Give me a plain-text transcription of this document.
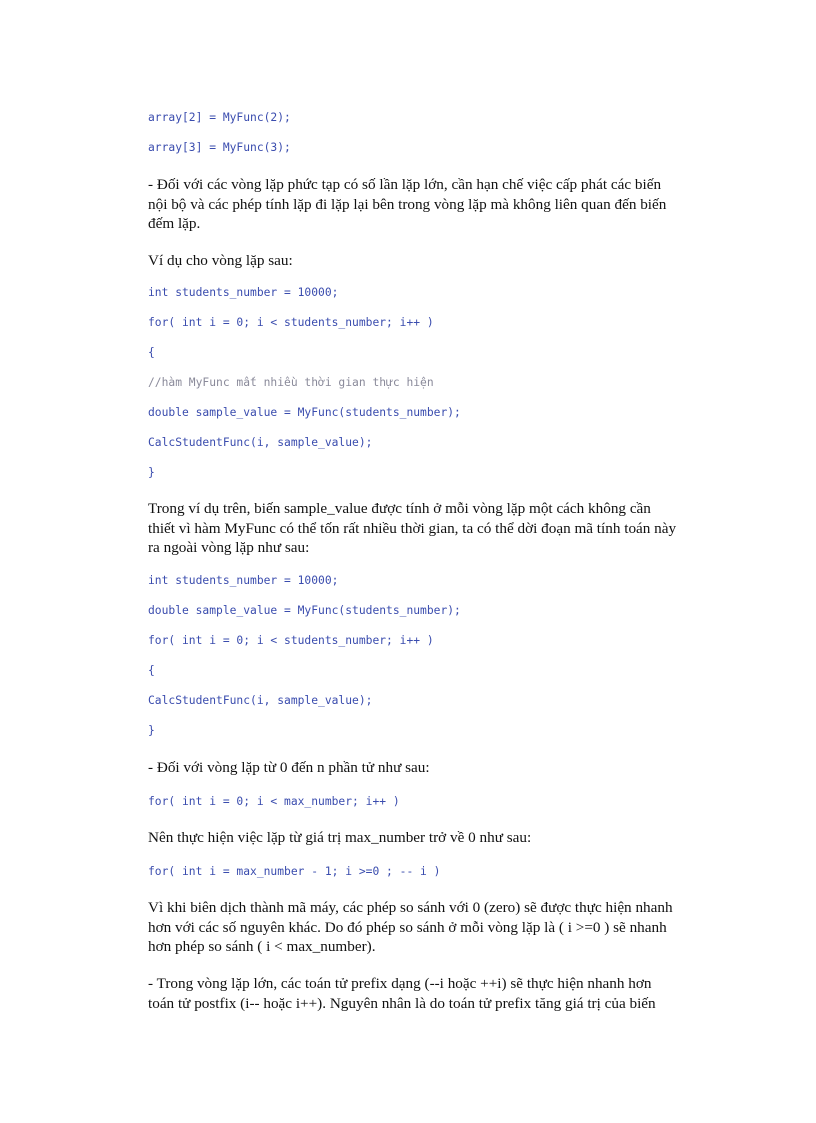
array[2] = MyFunc(2);
array[3] = MyFunc(3);

- Đối với các vòng lặp phức tạp có số lần lặp lớn, cần hạn chế việc cấp phát các biến nội bộ và các phép tính lặp đi lặp lại bên trong vòng lặp mà không liên quan đến biến đếm lặp.

Ví dụ cho vòng lặp sau:

int students_number = 10000;
for( int i = 0; i < students_number; i++ )
{
//hàm MyFunc mất nhiều thời gian thực hiện
double sample_value = MyFunc(students_number);
CalcStudentFunc(i, sample_value);
}

Trong ví dụ trên, biến sample_value được tính ở mỗi vòng lặp một cách không cần thiết vì hàm MyFunc có thể tốn rất nhiều thời gian, ta có thể dời đoạn mã tính toán này ra ngoài vòng lặp như sau:

int students_number = 10000;
double sample_value = MyFunc(students_number);
for( int i = 0; i < students_number; i++ )
{
CalcStudentFunc(i, sample_value);
}

- Đối với vòng lặp từ 0 đến n phần tử như sau:

for( int i = 0; i < max_number; i++ )

Nên thực hiện việc lặp từ giá trị max_number trở về 0 như sau:

for( int i = max_number - 1; i >=0 ; -- i )

Vì khi biên dịch thành mã máy, các phép so sánh với 0 (zero) sẽ được thực hiện nhanh hơn với các số nguyên khác. Do đó phép so sánh ở mỗi vòng lặp là ( i >=0 ) sẽ nhanh hơn phép so sánh ( i < max_number).

- Trong vòng lặp lớn, các toán tử prefix dạng (--i hoặc ++i) sẽ thực hiện nhanh hơn toán tử postfix (i-- hoặc i++). Nguyên nhân là do toán tử prefix tăng giá trị của biến
